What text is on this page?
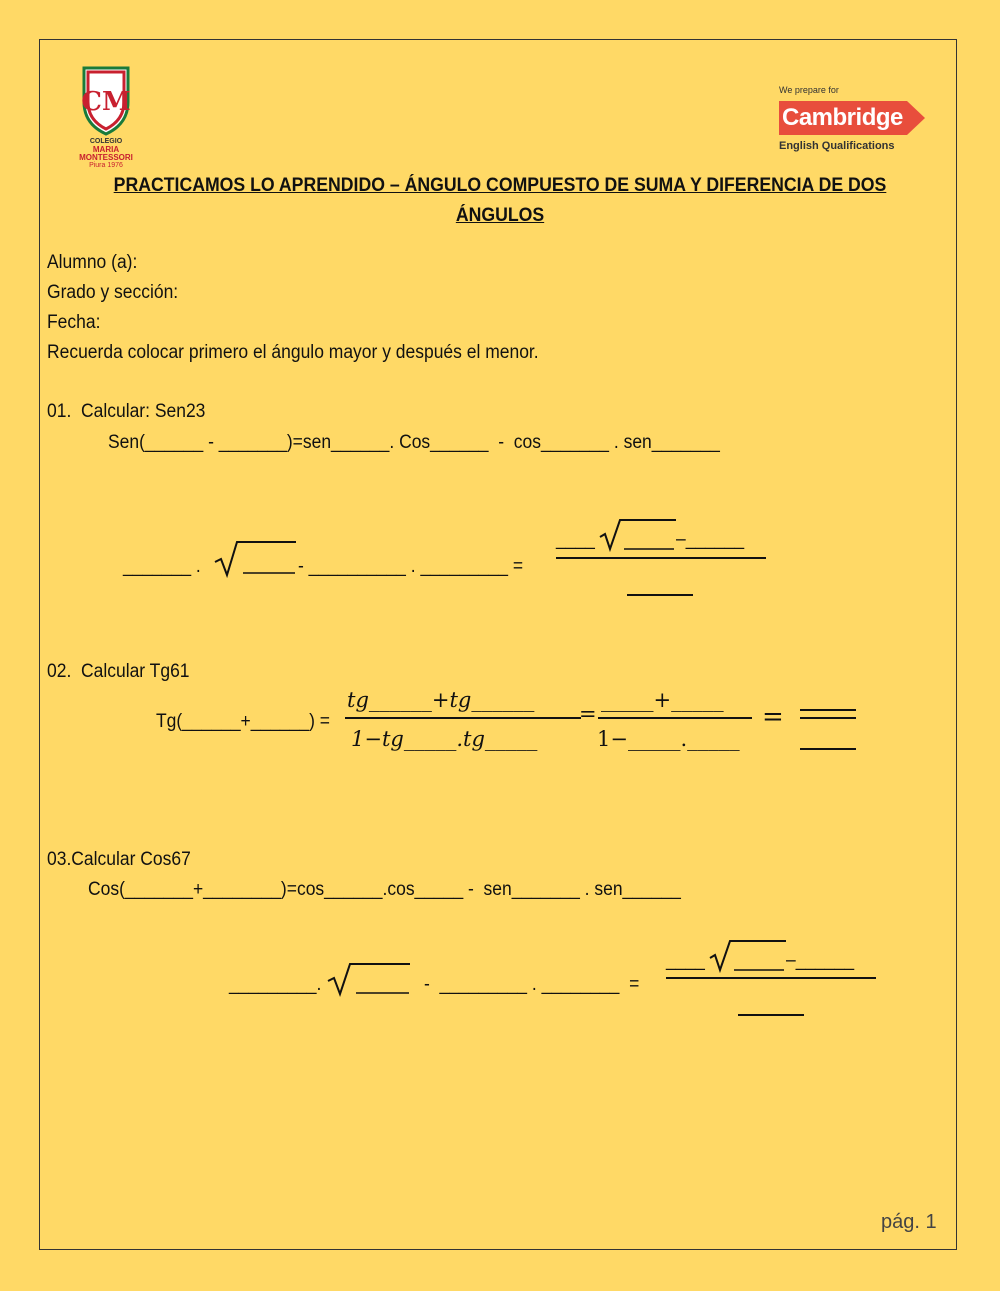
CM
COLEGIO
MARIA
MONTESSORI
Piura 1976
We prepare for
Cambridge
English Qualifications
PRACTICAMOS LO APRENDIDO – ÁNGULO COMPUESTO DE SUMA Y DIFERENCIA DE DOS
ÁNGULOS
Alumno (a):
Grado y sección:
Fecha:
Recuerda colocar primero el ángulo mayor y después el menor.
01.  Calcular: Sen23
Sen(______ - _______)=sen______. Cos______  -  cos_______ . sen_______
_______ .	- __________ . _________ =

____

	–______

02.  Calcular Tg61
Tg(______+______) =
tg______+tg______
1−tg_____.tg_____
=
_____+_____
1−_____._____
=
03.Calcular Cos67
Cos(_______+________)=cos______.cos_____ -  sen_______ . sen______
_________.	-  _________ . ________  =

____

	–______

pág. 1
